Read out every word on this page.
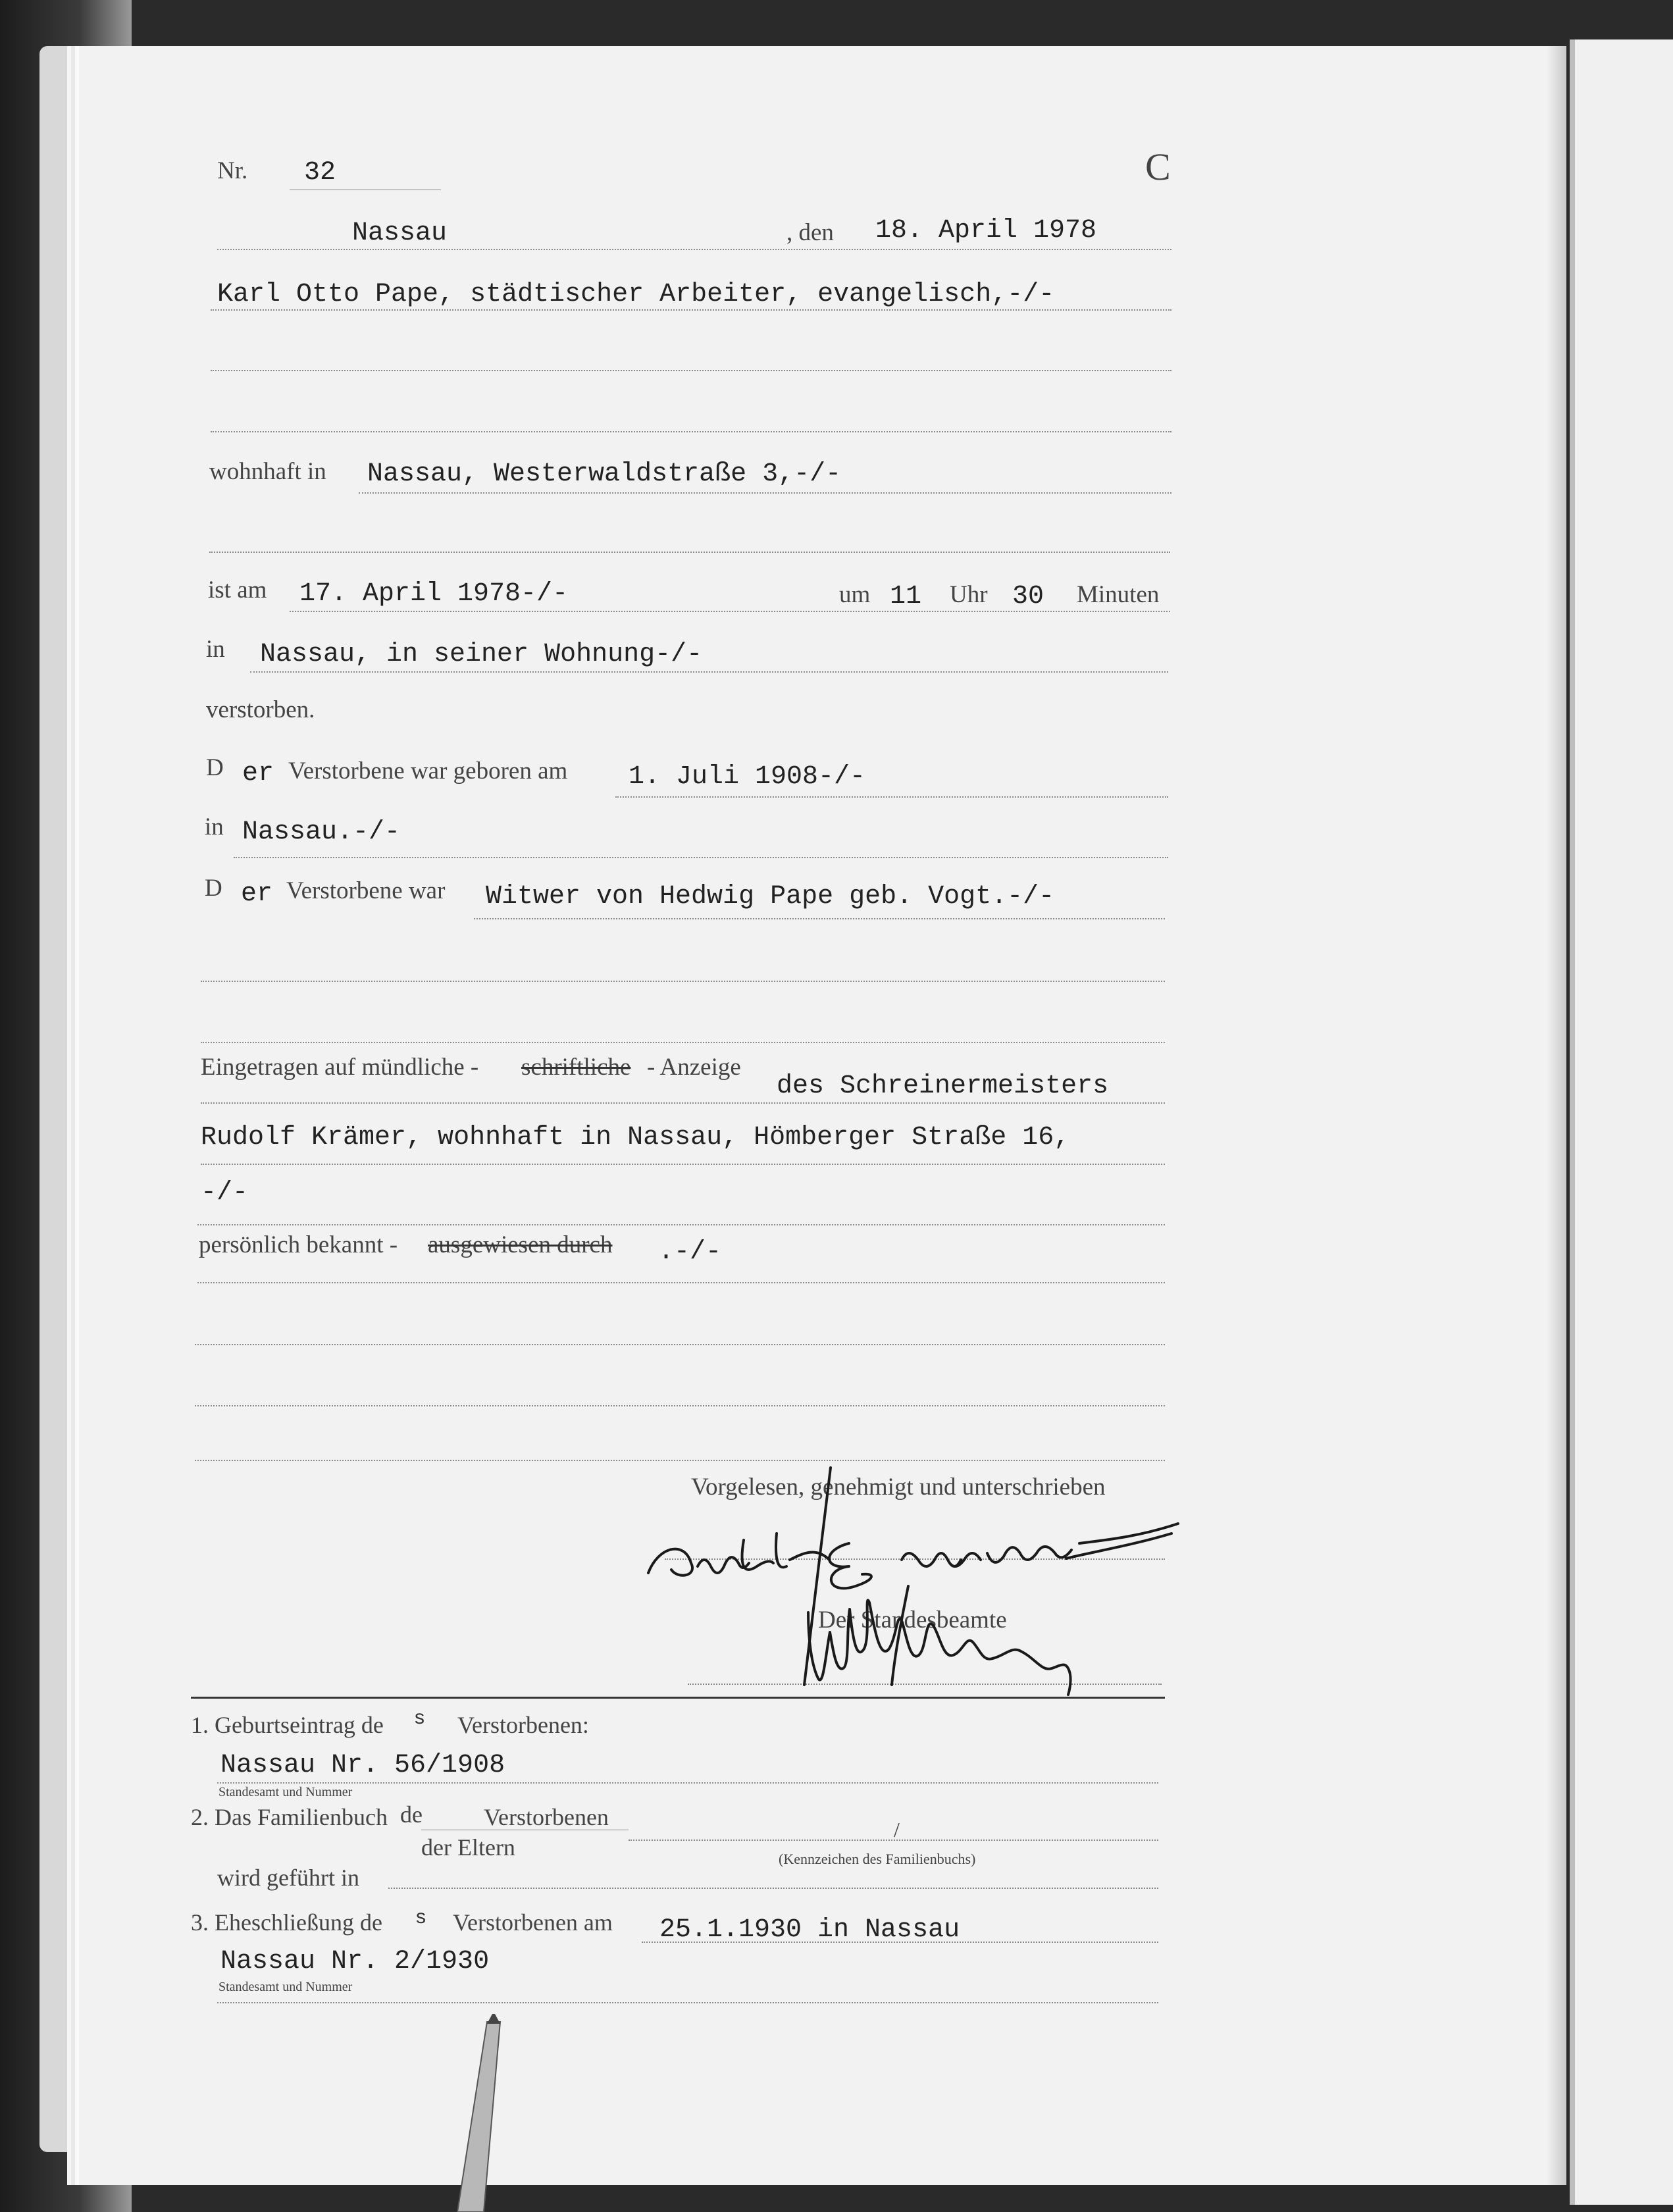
Nr. 32	C
Nassau	, den 18. April 1978
Karl Otto Pape, städtischer Arbeiter, evangelisch,-/-
wohnhaft in Nassau, Westerwaldstraße 3,-/-
ist am 17. April 1978-/-	um 11 Uhr 30 Minuten
in Nassau, in seiner Wohnung-/-
verstorben.
D er Verstorbene war geboren am 1. Juli 1908-/-
in Nassau.-/-
D er Verstorbene war Witwer von Hedwig Pape geb. Vogt.-/-
Eingetragen auf mündliche - schriftliche - Anzeige
des Schreinermeisters
Rudolf Krämer, wohnhaft in Nassau, Hömberger Straße 16,
-/-
persönlich bekannt - ausgewiesen durch .-/-
Vorgelesen, genehmigt und unterschrieben
Der Standesbeamte
1. Geburtseintrag de s Verstorbenen:
Nassau Nr. 56/1908
Standesamt und Nummer
2. Das Familienbuch de	Verstorbenen
der Eltern
/
(Kennzeichen des Familienbuchs)
wird geführt in
3. Eheschließung de s Verstorbenen am 25.1.1930 in Nassau
Nassau Nr. 2/1930
Standesamt und Nummer
